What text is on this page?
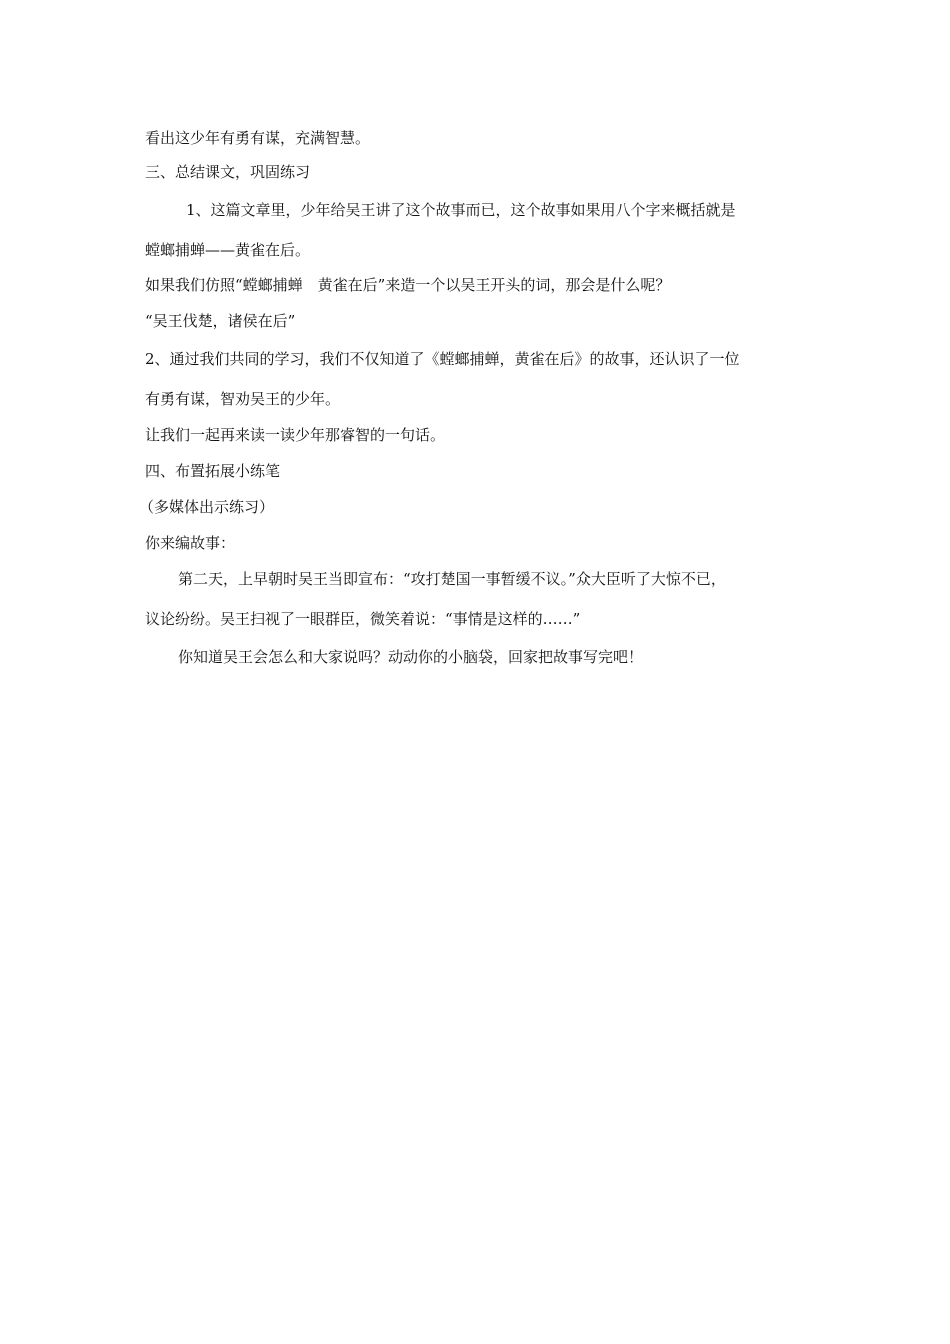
看出这少年有勇有谋，充满智慧。
三、总结课文，巩固练习
1、这篇文章里，少年给吴王讲了这个故事而已，这个故事如果用八个字来概括就是
螳螂捕蝉——黄雀在后。
如果我们仿照“螳螂捕蝉　黄雀在后”来造一个以吴王开头的词，那会是什么呢？
“吴王伐楚，诸侯在后”
2、通过我们共同的学习，我们不仅知道了《螳螂捕蝉，黄雀在后》的故事，还认识了一位
有勇有谋，智劝吴王的少年。
让我们一起再来读一读少年那睿智的一句话。
四、布置拓展小练笔
（多媒体出示练习）
你来编故事：
第二天，上早朝时吴王当即宣布：“攻打楚国一事暂缓不议。”众大臣听了大惊不已，
议论纷纷。吴王扫视了一眼群臣，微笑着说：“事情是这样的……”
你知道吴王会怎么和大家说吗？动动你的小脑袋，回家把故事写完吧！
